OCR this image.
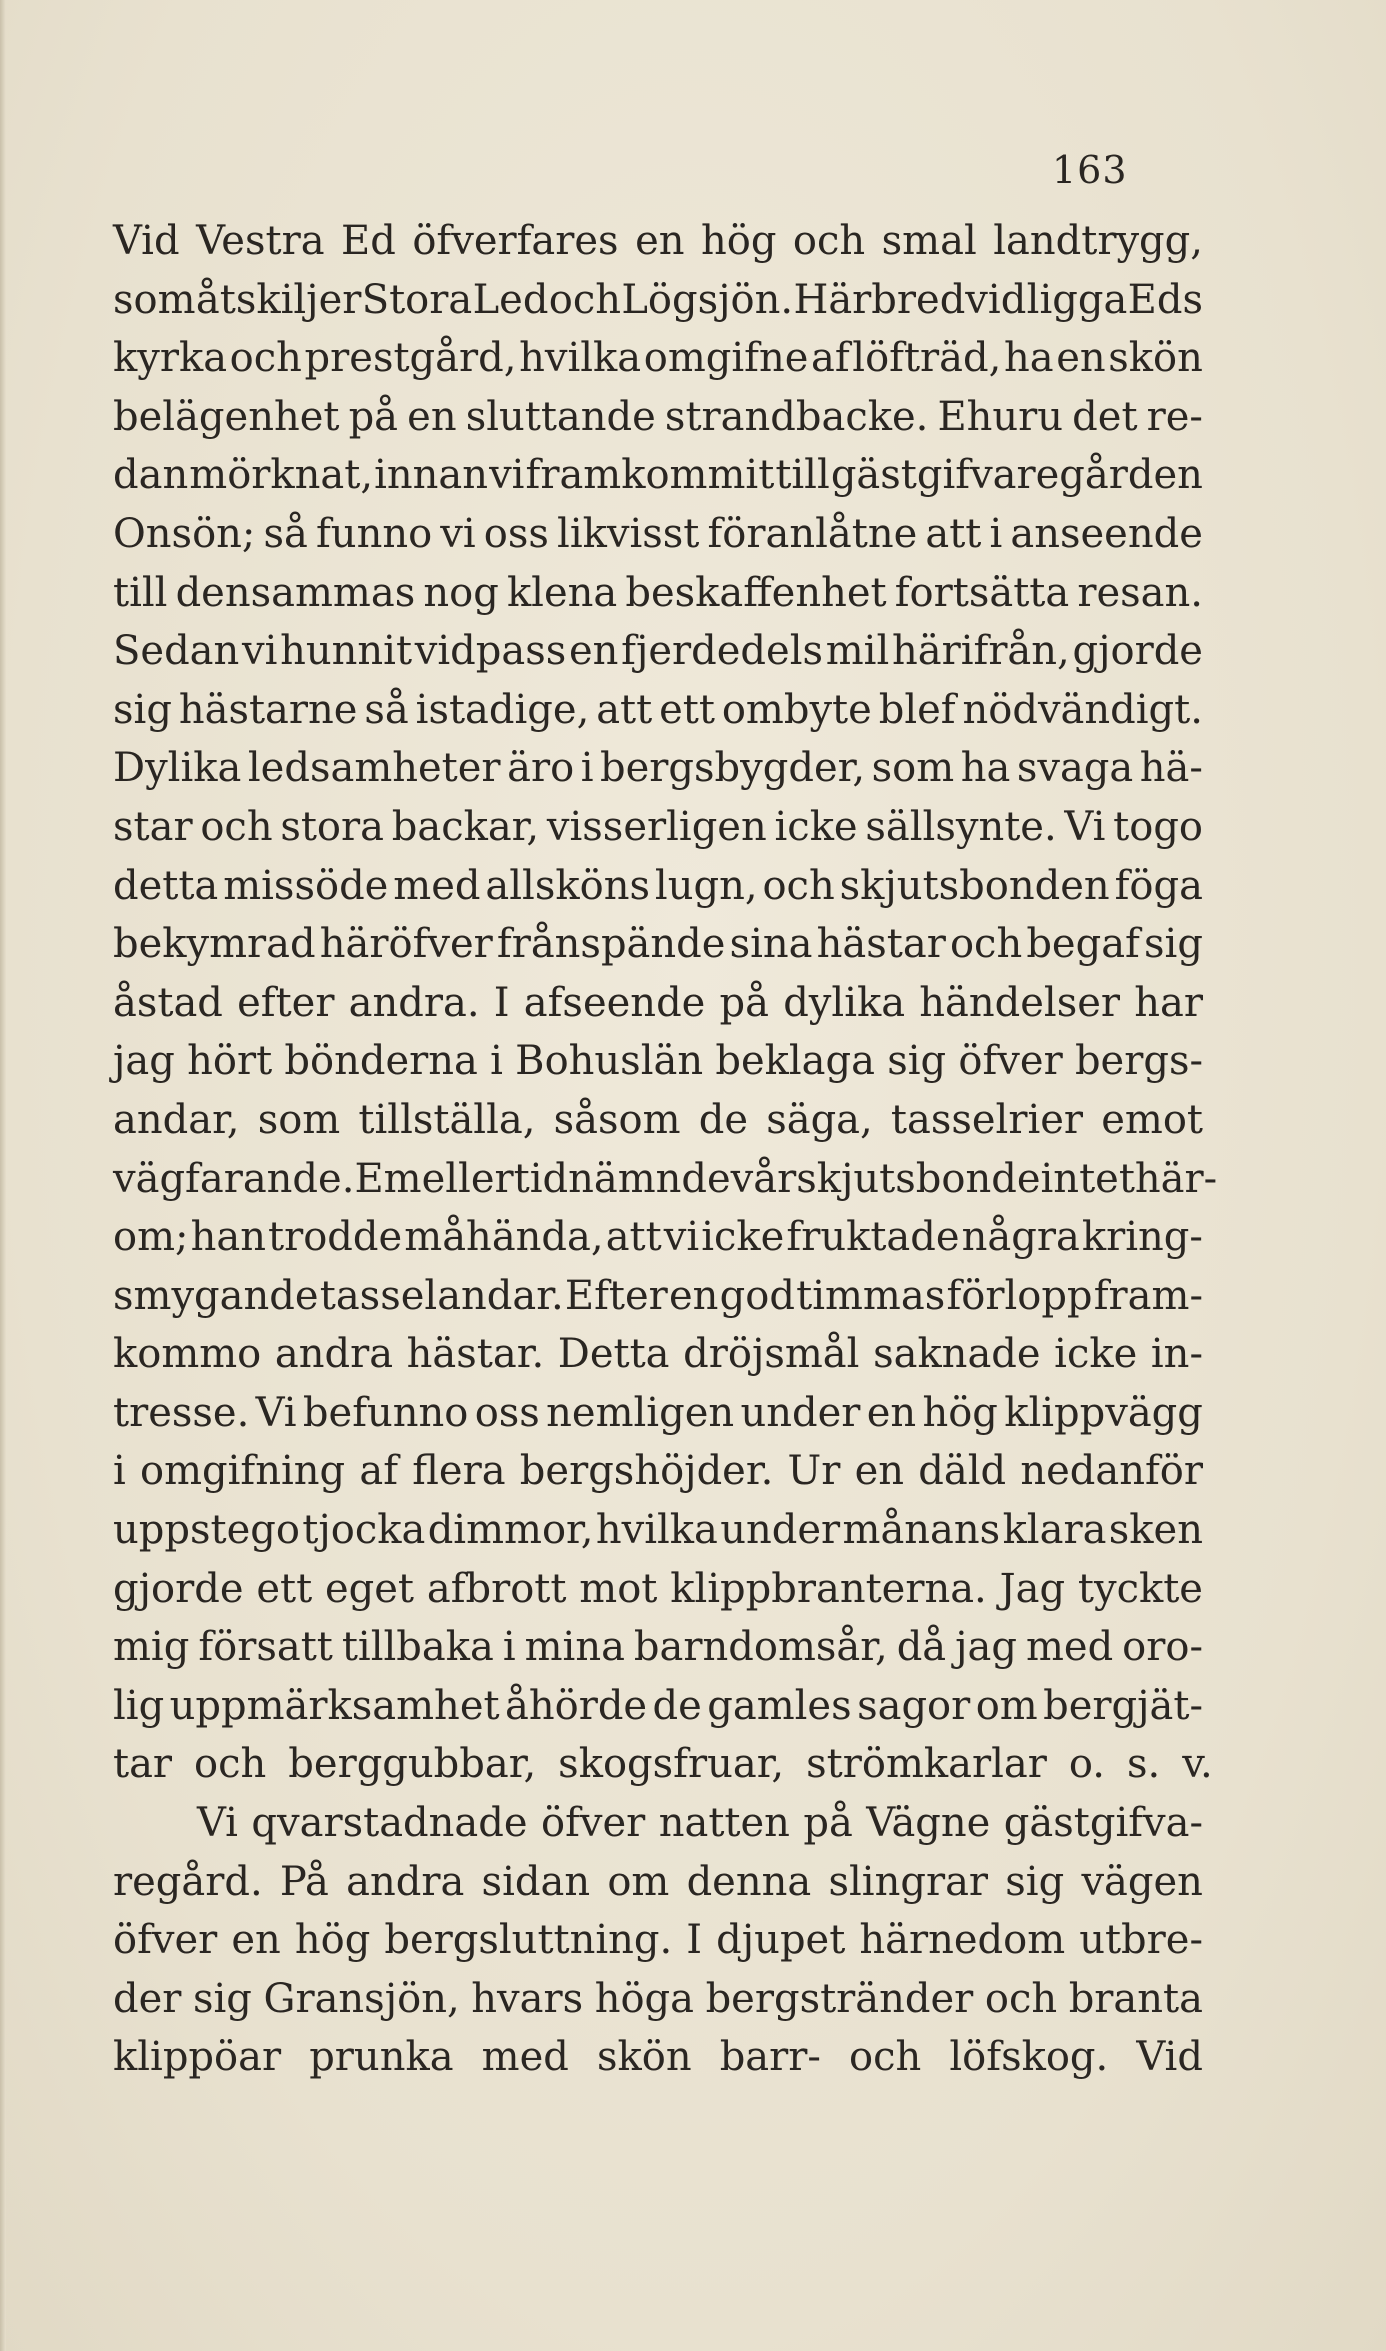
163
Vid Vestra Ed öfverfares en hög och smal landtrygg,
som åtskiljer Stora Led och Lögsjön. Härbredvid ligga Eds
kyrka och prestgård, hvilka omgifne af löfträd, ha en skön
belägenhet på en sluttande strandbacke. Ehuru det re-
dan mörknat, innan vi framkommit till gästgifvaregården
Onsön; så funno vi oss likvisst föranlåtne att i anseende
till densammas nog klena beskaffenhet fortsätta resan.
Sedan vi hunnit vidpass en fjerdedels mil härifrån, gjorde
sig hästarne så istadige, att ett ombyte blef nödvändigt.
Dylika ledsamheter äro i bergsbygder, som ha svaga hä-
star och stora backar, visserligen icke sällsynte. Vi togo
detta missöde med allsköns lugn, och skjutsbonden föga
bekymrad häröfver frånspände sina hästar och begaf sig
åstad efter andra. I afseende på dylika händelser har
jag hört bönderna i Bohuslän beklaga sig öfver bergs-
andar, som tillställa, såsom de säga, tasselrier emot
vägfarande. Emellertid nämnde vår skjutsbonde intet här-
om; han trodde måhända, att vi icke fruktade några kring-
smygande tasselandar. Efter en god timmas förlopp fram-
kommo andra hästar. Detta dröjsmål saknade icke in-
tresse. Vi befunno oss nemligen under en hög klippvägg
i omgifning af flera bergshöjder. Ur en däld nedanför
uppstego tjocka dimmor, hvilka under månans klara sken
gjorde ett eget afbrott mot klippbranterna. Jag tyckte
mig försatt tillbaka i mina barndomsår, då jag med oro-
lig uppmärksamhet åhörde de gamles sagor om bergjät-
tar och berggubbar, skogsfruar, strömkarlar o. s. v.
Vi qvarstadnade öfver natten på Vägne gästgifva-
regård. På andra sidan om denna slingrar sig vägen
öfver en hög bergsluttning. I djupet härnedom utbre-
der sig Gransjön, hvars höga bergstränder och branta
klippöar prunka med skön barr- och löfskog. Vid
